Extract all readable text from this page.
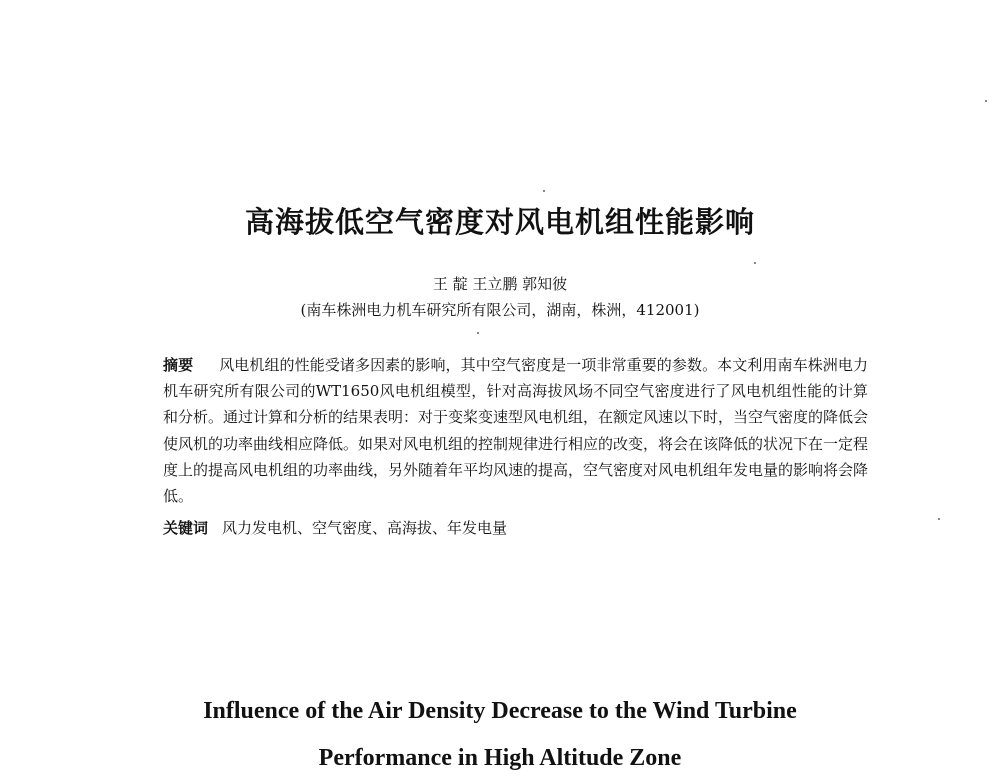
高海拔低空气密度对风电机组性能影响

王 靛 王立鹏 郭知彼

(南车株洲电力机车研究所有限公司，湖南，株洲，412001)

摘要 风电机组的性能受诸多因素的影响，其中空气密度是一项非常重要的参数。本文利用南车株洲电力机车研究所有限公司的WT1650风电机组模型，针对高海拔风场不同空气密度进行了风电机组性能的计算和分析。通过计算和分析的结果表明：对于变桨变速型风电机组，在额定风速以下时，当空气密度的降低会使风机的功率曲线相应降低。如果对风电机组的控制规律进行相应的改变，将会在该降低的状况下在一定程度上的提高风电机组的功率曲线，另外随着年平均风速的提高，空气密度对风电机组年发电量的影响将会降低。

关键词 风力发电机、空气密度、高海拔、年发电量

Influence of the Air Density Decrease to the Wind Turbine
Performance in High Altitude Zone
